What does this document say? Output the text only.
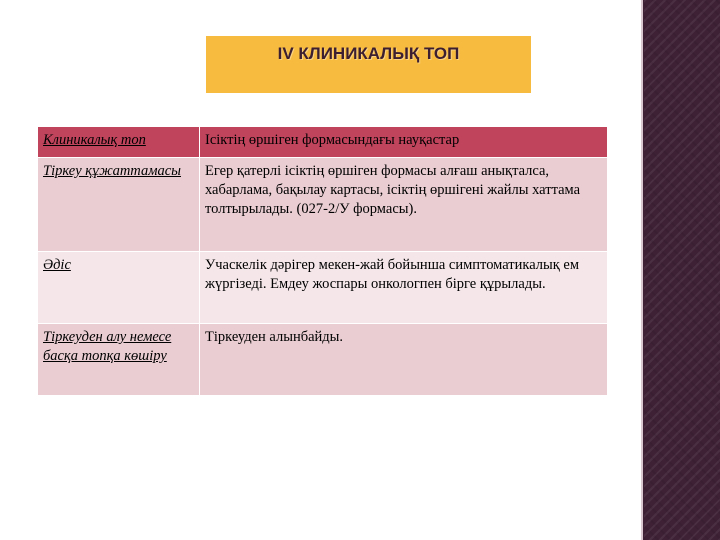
IV КЛИНИКАЛЫҚ ТОП
Клиникалық топ	Ісіктің өршіген формасындағы науқастар
Тіркеу құжаттамасы	Егер қатерлі ісіктің өршіген формасы алғаш анықталса, хабарлама, бақылау картасы, ісіктің өршігені жайлы хаттама толтырылады. (027-2/У формасы).
Әдіс	Учаскелік дәрігер мекен-жай бойынша симптоматикалық ем жүргізеді. Емдеу жоспары онкологпен бірге құрылады.
Тіркеуден алу немесе басқа топқа көшіру	Тіркеуден алынбайды.
